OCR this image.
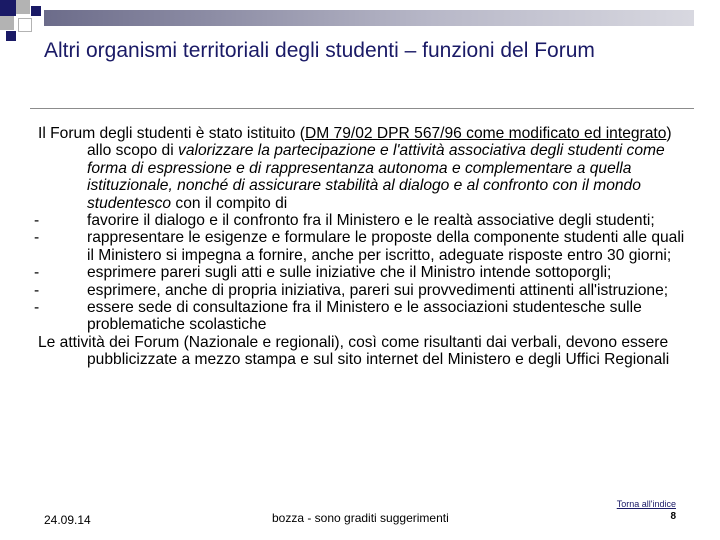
Altri organismi territoriali degli studenti – funzioni del Forum
Il Forum degli studenti è stato istituito (DM 79/02 DPR 567/96 come modificato ed integrato) allo scopo di valorizzare la partecipazione e l'attività associativa degli studenti come forma di espressione e di rappresentanza autonoma e complementare a quella istituzionale, nonché di assicurare stabilità al dialogo e al confronto con il mondo studentesco con il compito di
-	favorire il dialogo e il confronto fra il Ministero e le realtà associative degli studenti;
-	rappresentare le esigenze e formulare le proposte della componente studenti alle quali il Ministero si impegna a fornire, anche per iscritto, adeguate risposte entro 30 giorni;
-	esprimere pareri sugli atti e sulle iniziative che il Ministro intende sottoporgli;
-	esprimere, anche di propria iniziativa, pareri sui provvedimenti attinenti all'istruzione;
-	essere sede di consultazione fra il Ministero e le associazioni studentesche sulle problematiche scolastiche
Le attività dei Forum (Nazionale e regionali), così come risultanti dai verbali, devono essere pubblicizzate a mezzo stampa e sul sito internet del Ministero e degli Uffici Regionali
24.09.14	bozza - sono graditi suggerimenti
Torna all'indice
8
